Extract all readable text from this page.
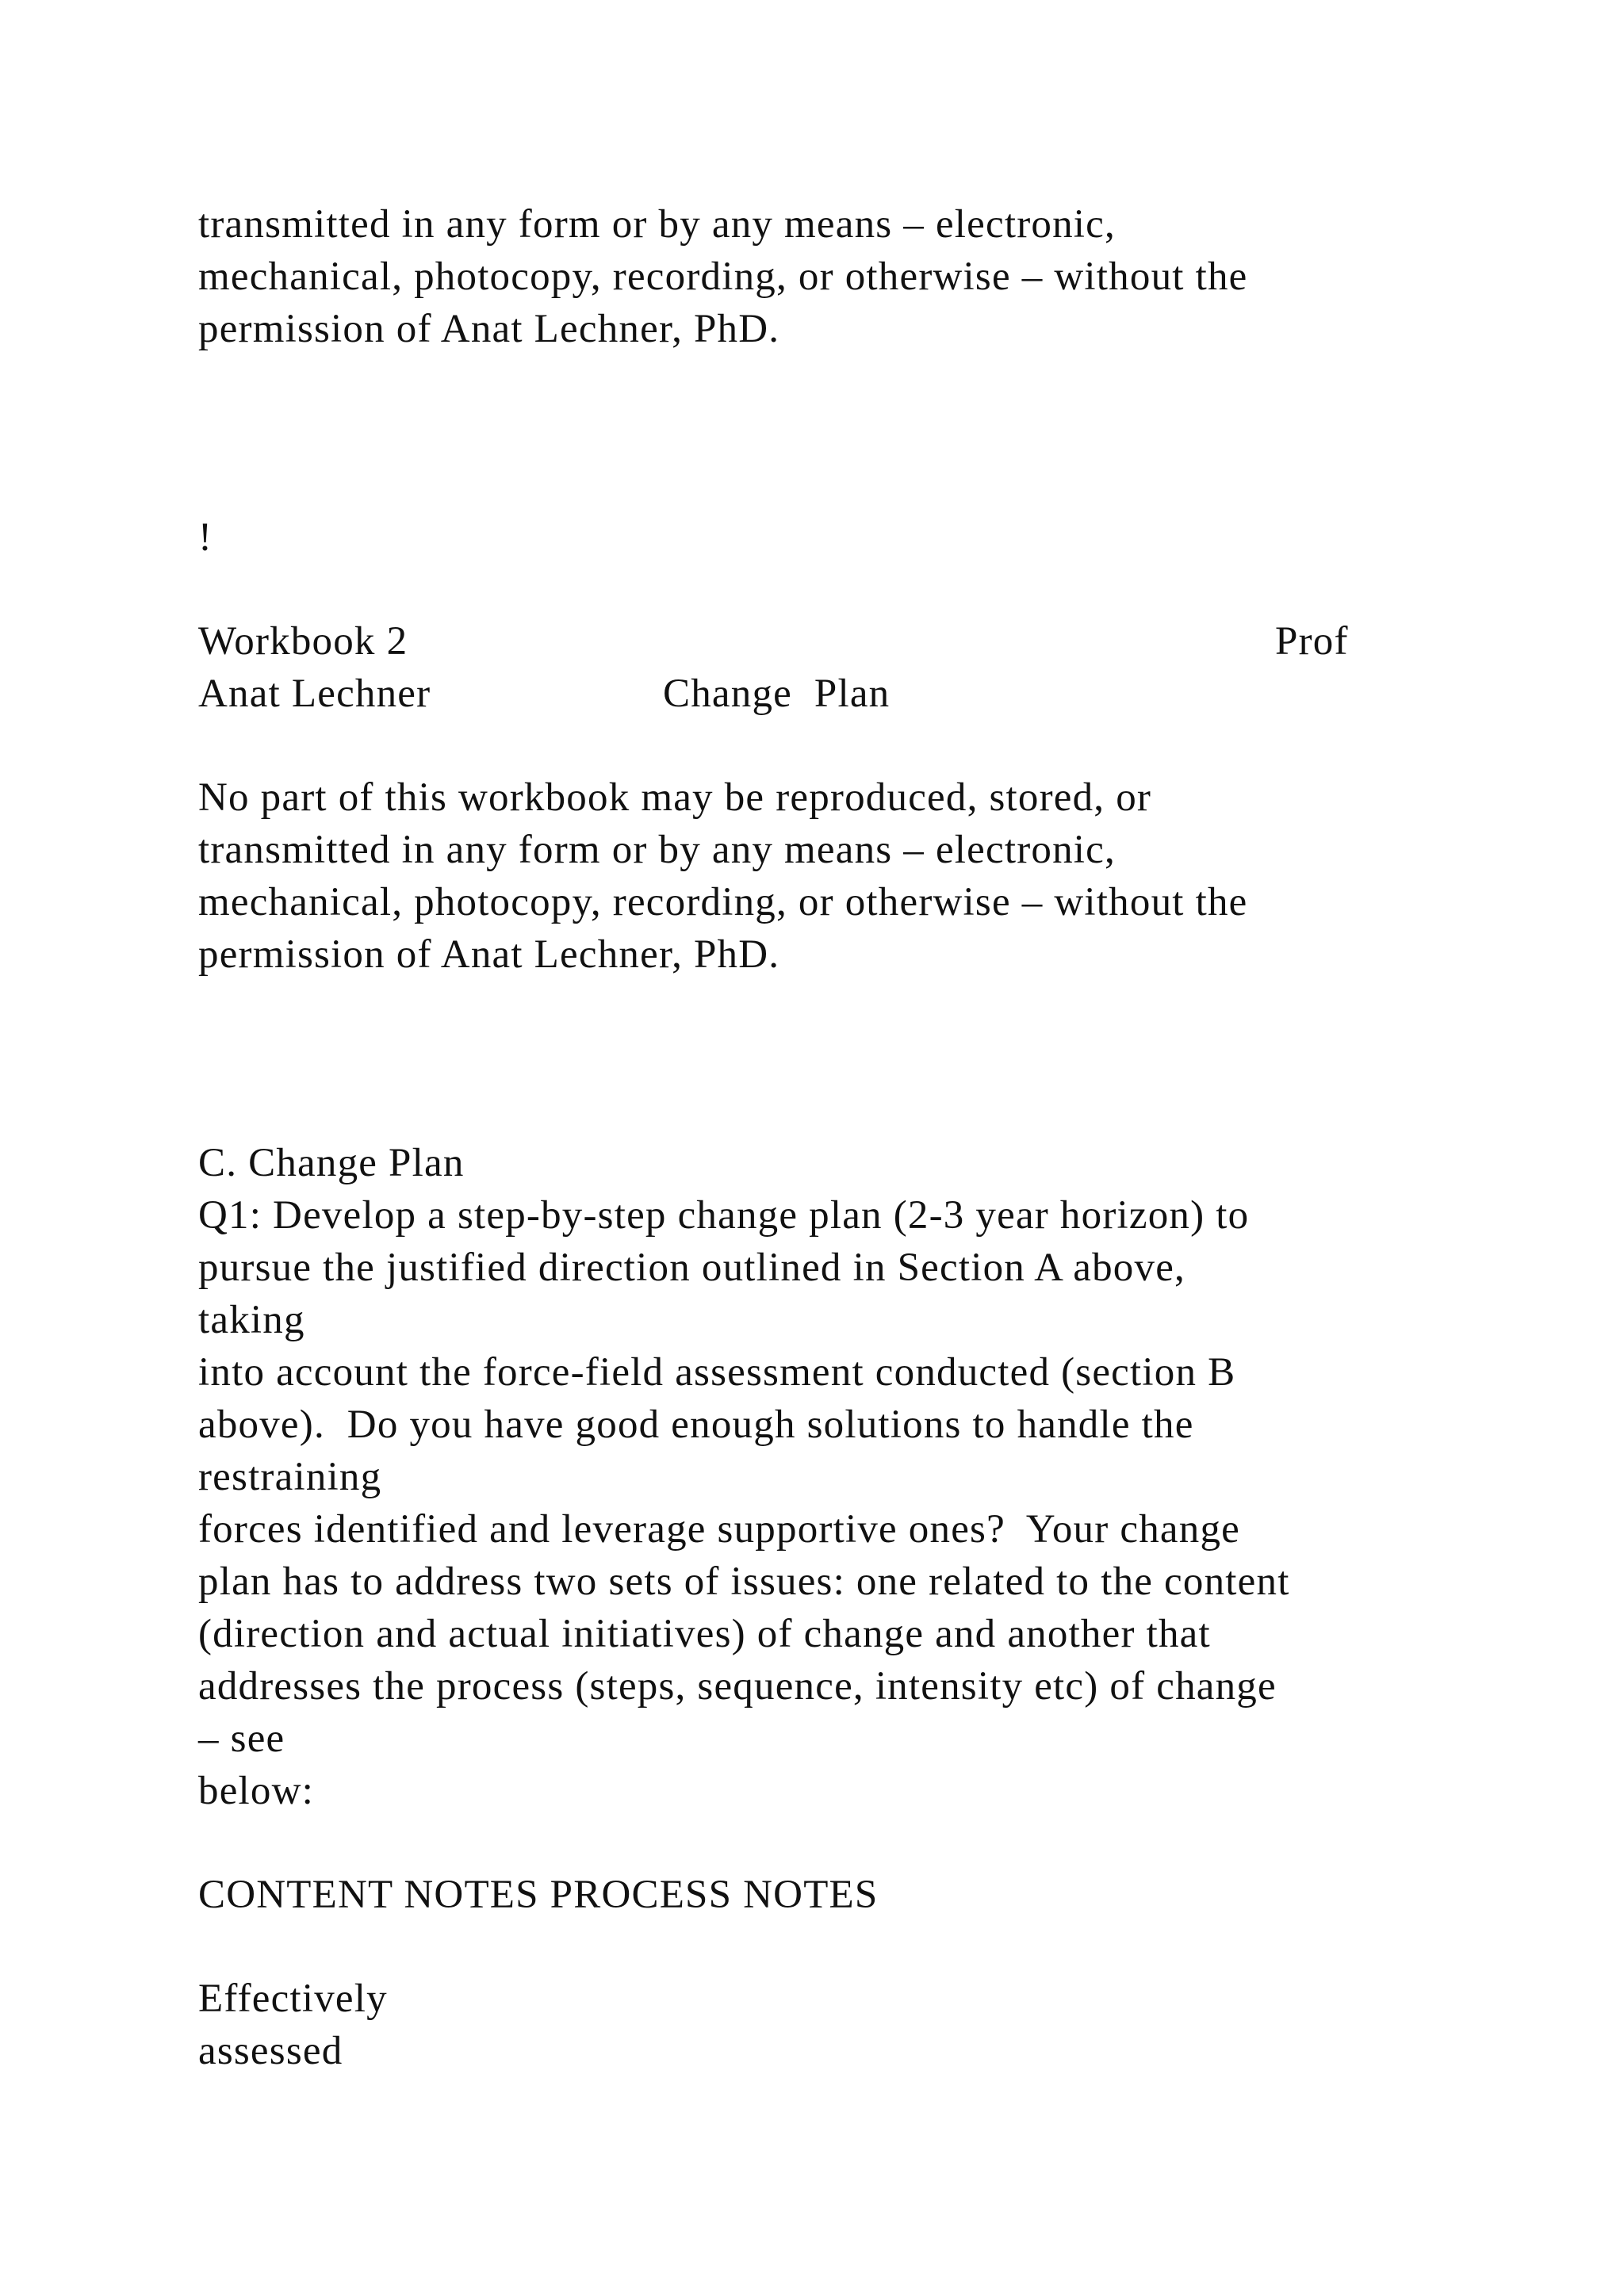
transmitted in any form or by any means – electronic,
mechanical, photocopy, recording, or otherwise – without the
permission of Anat Lechner, PhD.
!
Workbook 2	Prof
Anat Lechner	Change  Plan
No part of this workbook may be reproduced, stored, or
transmitted in any form or by any means – electronic,
mechanical, photocopy, recording, or otherwise – without the
permission of Anat Lechner, PhD.
C. Change Plan
Q1: Develop a step-by-step change plan (2-3 year horizon) to
pursue the justified direction outlined in Section A above,
taking
into account the force-field assessment conducted (section B
above).  Do you have good enough solutions to handle the
restraining
forces identified and leverage supportive ones?  Your change
plan has to address two sets of issues: one related to the content
(direction and actual initiatives) of change and another that
addresses the process (steps, sequence, intensity etc) of change
– see
below:
CONTENT NOTES PROCESS NOTES
Effectively
assessed
